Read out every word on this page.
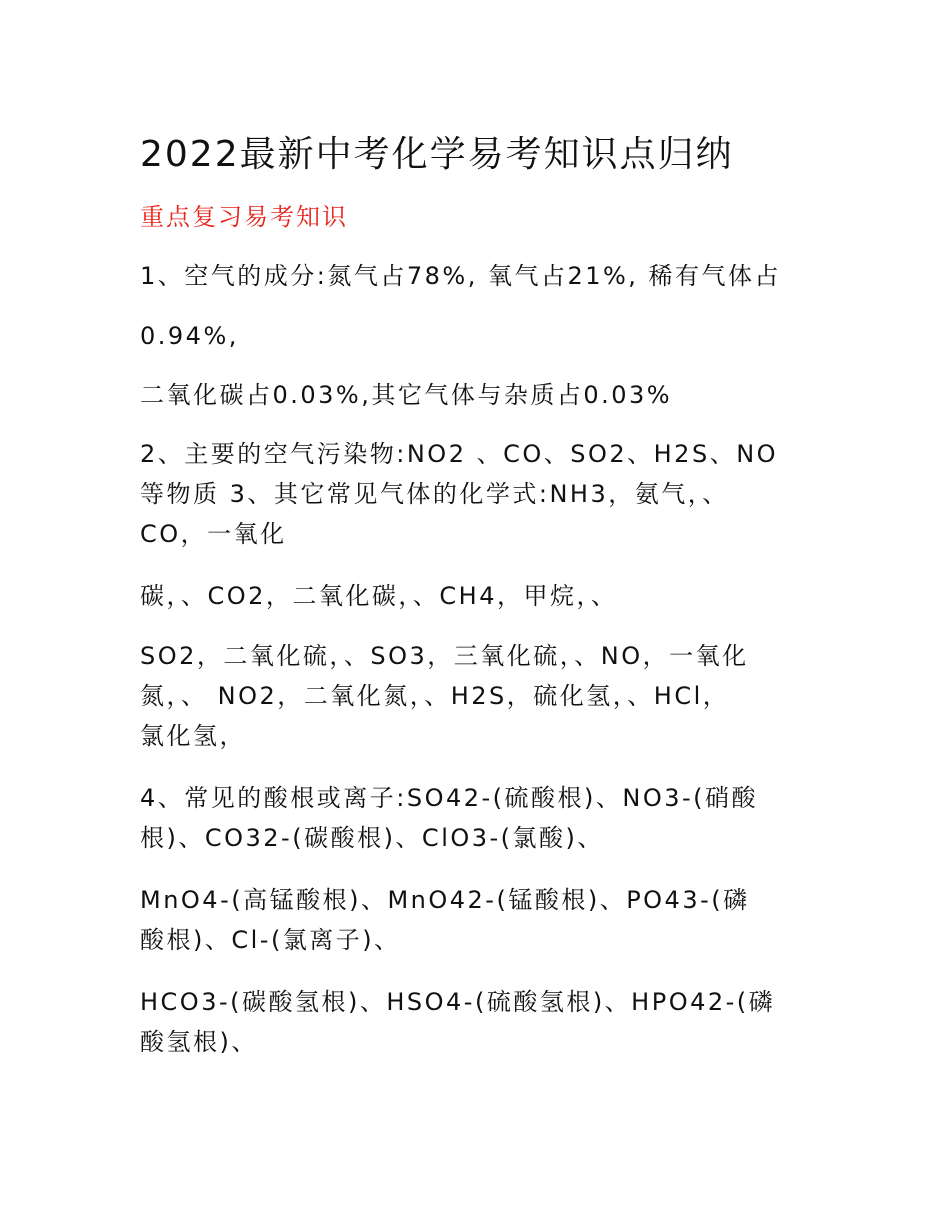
2022最新中考化学易考知识点归纳
重点复习易考知识

1、空气的成分:氮气占78%, 氧气占21%, 稀有气体占

0.94%,

二氧化碳占0.03%,其它气体与杂质占0.03%

2、主要的空气污染物:NO2 、CO、SO2、H2S、NO
等物质 3、其它常见气体的化学式:NH3，氨气，、
CO，一氧化

碳，、CO2，二氧化碳，、CH4，甲烷，、

SO2，二氧化硫，、SO3，三氧化硫，、NO，一氧化
氮，、 NO2，二氧化氮，、H2S，硫化氢，、HCl，
氯化氢，

4、常见的酸根或离子:SO42-(硫酸根)、NO3-(硝酸
根)、CO32-(碳酸根)、ClO3-(氯酸)、

MnO4-(高锰酸根)、MnO42-(锰酸根)、PO43-(磷
酸根)、Cl-(氯离子)、

HCO3-(碳酸氢根)、HSO4-(硫酸氢根)、HPO42-(磷
酸氢根)、
